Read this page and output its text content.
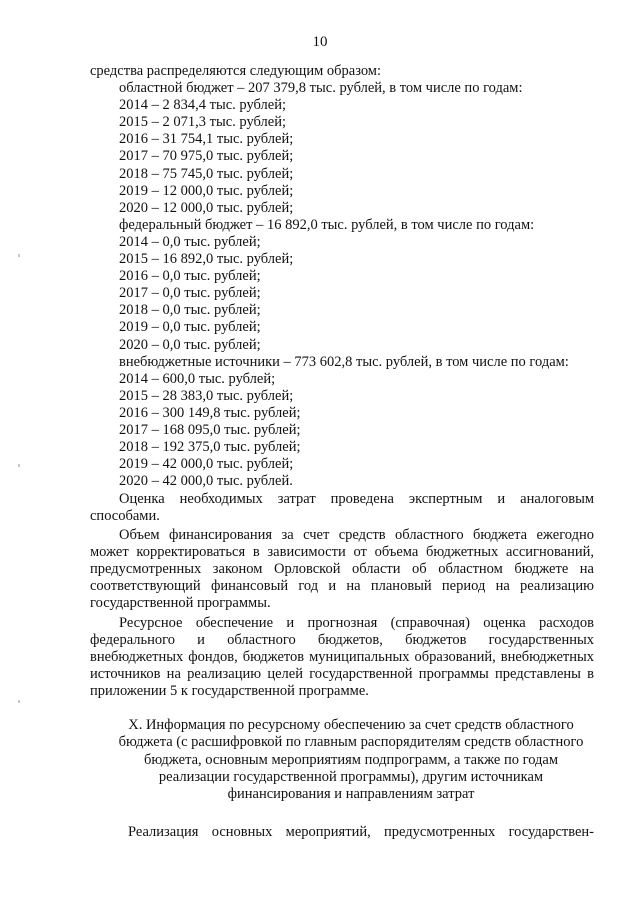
10
средства распределяются следующим образом:
областной бюджет – 207 379,8 тыс. рублей, в том числе по годам:
2014 – 2 834,4 тыс. рублей;
2015 – 2 071,3 тыс. рублей;
2016 – 31 754,1 тыс. рублей;
2017 – 70 975,0 тыс. рублей;
2018 – 75 745,0 тыс. рублей;
2019 – 12 000,0 тыс. рублей;
2020 – 12 000,0 тыс. рублей;
федеральный бюджет – 16 892,0 тыс. рублей, в том числе по годам:
2014 – 0,0 тыс. рублей;
2015 – 16 892,0 тыс. рублей;
2016 – 0,0 тыс. рублей;
2017 – 0,0 тыс. рублей;
2018 – 0,0 тыс. рублей;
2019 – 0,0 тыс. рублей;
2020 – 0,0 тыс. рублей;
внебюджетные источники – 773 602,8 тыс. рублей, в том числе по годам:
2014 – 600,0 тыс. рублей;
2015 – 28 383,0 тыс. рублей;
2016 – 300 149,8 тыс. рублей;
2017 – 168 095,0 тыс. рублей;
2018 – 192 375,0 тыс. рублей;
2019 – 42 000,0 тыс. рублей;
2020 – 42 000,0 тыс. рублей.

Оценка необходимых затрат проведена экспертным и аналоговым способами.

Объем финансирования за счет средств областного бюджета ежегодно может корректироваться в зависимости от объема бюджетных ассигнований, предусмотренных законом Орловской области об областном бюджете на соответствующий финансовый год и на плановый период на реализацию государственной программы.

Ресурсное обеспечение и прогнозная (справочная) оценка расходов федерального и областного бюджетов, бюджетов государственных внебюджетных фондов, бюджетов муниципальных образований, внебюджетных источников на реализацию целей государственной программы представлены в приложении 5 к государственной программе.

X. Информация по ресурсному обеспечению за счет средств областного
бюджета (с расшифровкой по главным распорядителям средств областного
бюджета, основным мероприятиям подпрограмм, а также по годам
реализации государственной программы), другим источникам
финансирования и направлениям затрат
Реализация основных мероприятий, предусмотренных государствен-
